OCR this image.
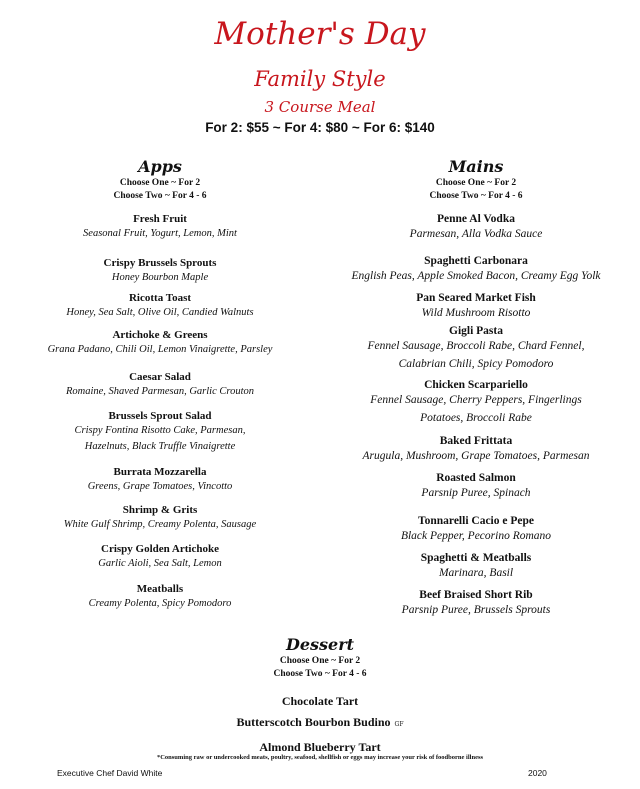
Mother's Day
Family Style
3 Course Meal
For 2: $55 ~ For 4: $80 ~ For 6: $140
Apps
Choose One ~ For 2
Choose Two ~ For 4 - 6
Fresh Fruit
Seasonal Fruit, Yogurt, Lemon, Mint
Crispy Brussels Sprouts
Honey Bourbon Maple
Ricotta Toast
Honey, Sea Salt, Olive Oil, Candied Walnuts
Artichoke & Greens
Grana Padano, Chili Oil, Lemon Vinaigrette, Parsley
Caesar Salad
Romaine, Shaved Parmesan, Garlic Crouton
Brussels Sprout Salad
Crispy Fontina Risotto Cake, Parmesan,
Hazelnuts, Black Truffle Vinaigrette
Burrata Mozzarella
Greens, Grape Tomatoes, Vincotto
Shrimp & Grits
White Gulf Shrimp, Creamy Polenta, Sausage
Crispy Golden Artichoke
Garlic Aioli, Sea Salt, Lemon
Meatballs
Creamy Polenta, Spicy Pomodoro
Mains
Choose One ~ For 2
Choose Two ~ For 4 - 6
Penne Al Vodka
Parmesan, Alla Vodka Sauce
Spaghetti Carbonara
English Peas, Apple Smoked Bacon, Creamy Egg Yolk
Pan Seared Market Fish
Wild Mushroom Risotto
Gigli Pasta
Fennel Sausage, Broccoli Rabe, Chard Fennel,
Calabrian Chili, Spicy Pomodoro
Chicken Scarpariello
Fennel Sausage, Cherry Peppers, Fingerlings
Potatoes, Broccoli Rabe
Baked Frittata
Arugula, Mushroom, Grape Tomatoes, Parmesan
Roasted Salmon
Parsnip Puree, Spinach
Tonnarelli Cacio e Pepe
Black Pepper, Pecorino Romano
Spaghetti & Meatballs
Marinara, Basil
Beef Braised Short Rib
Parsnip Puree, Brussels Sprouts
Dessert
Choose One ~ For 2
Choose Two ~ For 4 - 6
Chocolate Tart
Butterscotch Bourbon Budino GF
Almond Blueberry Tart
*Consuming raw or undercooked meats, poultry, seafood, shellfish or eggs may increase your risk of foodborne illness
Executive Chef David White	2020
